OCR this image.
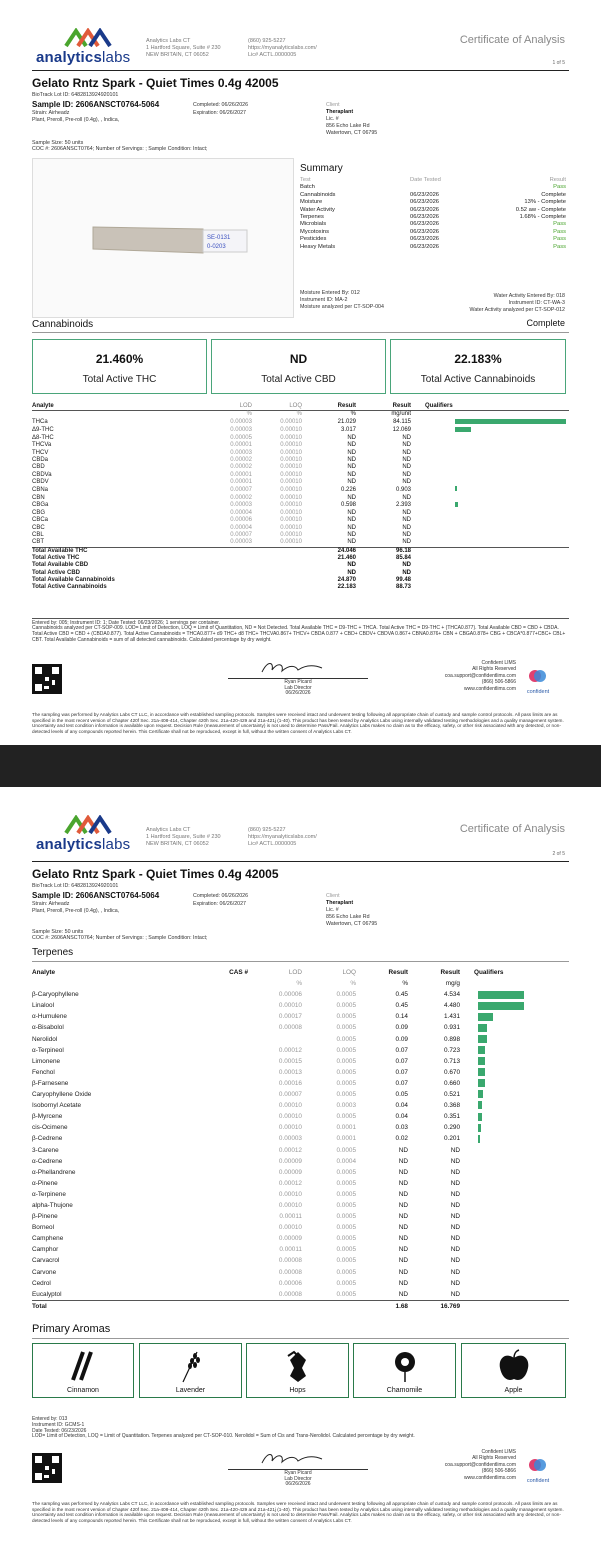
analyticslabs
Analytics Labs CT
1 Hartford Square, Suite # 230
NEW BRITAIN, CT 06052
(860) 925-5227
https://myanalyticslabs.com/
Lic# ACTL.0000005
Certificate of Analysis
1 of 5
Gelato Rntz Spark - Quiet Times 0.4g 42005
BioTrack Lot ID: 6482813924920101
Sample ID: 2606ANSCT0764-5064
Strain: Airheadz
Plant, Preroll, Pre-roll (0.4g), , Indica,
Completed: 06/26/2026
Expiration: 06/26/2027
Client
Theraplant
Lic. #
856 Echo Lake Rd
Watertown, CT 06795
Sample Size: 50 units
COC #: 2606ANSCT0764; Number of Servings: ; Sample Condition: Intact;
SE-0131
0-0203
Summary
Test	Date Tested	Result
Batch		Pass
Cannabinoids	06/23/2026	Complete
Moisture	06/23/2026	13% - Complete
Water Activity	06/23/2026	0.52 aw - Complete
Terpenes	06/23/2026	1.68% - Complete
Microbials	06/23/2026	Pass
Mycotoxins	06/23/2026	Pass
Pesticides	06/23/2026	Pass
Heavy Metals	06/23/2026	Pass
Moisture Entered By: 012
Instrument ID: MA-2
Moisture analyzed per CT-SOP-004
Water Activity Entered By: 018
Instrument ID: CT-WA-3
Water Activity analyzed per CT-SOP-012
Cannabinoids	Complete
21.460%
Total Active THC
ND
Total Active CBD
22.183%
Total Active Cannabinoids
Analyte	LOD	LOQ	Result	Result	Qualifiers
	%	%	%	mg/unit	
THCa	0.00003	0.00010	21.029	84.115	
Δ9-THC	0.00003	0.00010	3.017	12.069	
Δ8-THC	0.00005	0.00010	ND	ND	
THCVa	0.00001	0.00010	ND	ND	
THCV	0.00003	0.00010	ND	ND	
CBDa	0.00002	0.00010	ND	ND	
CBD	0.00002	0.00010	ND	ND	
CBDVa	0.00001	0.00010	ND	ND	
CBDV	0.00001	0.00010	ND	ND	
CBNa	0.00007	0.00010	0.226	0.903	
CBN	0.00002	0.00010	ND	ND	
CBGa	0.00003	0.00010	0.598	2.393	
CBG	0.00004	0.00010	ND	ND	
CBCa	0.00006	0.00010	ND	ND	
CBC	0.00004	0.00010	ND	ND	
CBL	0.00007	0.00010	ND	ND	
CBT	0.00003	0.00010	ND	ND	
Total Available THC			24.046	96.18	
Total Active THC			21.460	85.84	
Total Available CBD			ND	ND	
Total Active CBD			ND	ND	
Total Available Cannabinoids			24.870	99.48	
Total Active Cannabinoids			22.183	88.73	
Entered by: 005; Instrument ID: 1; Date Tested: 06/23/2026; 1 servings per container.
Cannabinoids analyzed per CT-SOP-009. LOD= Limit of Detection, LOQ = Limit of Quantitation, ND = Not Detected. Total Available THC = D9-THC + THCA. Total Active THC = D9-THC + (THCA0.877). Total Available CBD = CBD + CBDA. Total Active CBD = CBD + (CBDA0.877). Total Active Cannabinoids = THCA0.877+ d9 THC+ d8 THC+ THCVA0.867+ THCV+ CBDA 0.877 + CBD+ CBDV+ CBDVA 0.867+ CBNA0.876+ CBN + CBGA0.878+ CBG + CBCA*0.877+CBC+ CBL+ CBT. Total Available Cannabinoids = sum of all detected cannabinoids. Calculated percentage by dry weight.
Ryan Picard
Lab Director
06/26/2026
Confident LIMS
All Rights Reserved
coa.support@confidentlims.com
(866) 506-5866
www.confidentlims.com
confident
The sampling was performed by Analytics Labs CT LLC, in accordance with established sampling protocols. Samples were received intact and underwent testing following all appropriate chain of custody and sample control protocols. All pass limits are as specified in the most recent version of Chapter 420f Sec. 21a-408-414, Chapter 420h Sec. 21a-420-429 and 21a-421j (1-40). This product has been tested by Analytics Labs using internally validated testing methodologies and a quality management system. Uncertainty and test condition information is available upon request. Decision Rule (measurement of uncertainty) is not used to determine Pass/Fail. Analytics Labs makes no claim as to the efficacy, safety, or other risk associated with any detected, or non-detected levels of any compounds reported herein. This Certificate shall not be reproduced, except in full, without the written consent of Analytics Labs CT.
analyticslabs
Analytics Labs CT
1 Hartford Square, Suite # 230
NEW BRITAIN, CT 06052
(860) 925-5227
https://myanalyticslabs.com/
Lic# ACTL.0000005
Certificate of Analysis
2 of 5
Gelato Rntz Spark - Quiet Times 0.4g 42005
BioTrack Lot ID: 6482813924920101
Sample ID: 2606ANSCT0764-5064
Strain: Airheadz
Plant, Preroll, Pre-roll (0.4g), , Indica,
Completed: 06/26/2026
Expiration: 06/26/2027
Client
Theraplant
Lic. #
856 Echo Lake Rd
Watertown, CT 06795
Sample Size: 50 units
COC #: 2606ANSCT0764; Number of Servings: ; Sample Condition: Intact;
Terpenes
Analyte	CAS #	LOD	LOQ	Result	Result	Qualifiers
		%	%	%	mg/g	
β-Caryophyllene		0.00006	0.0005	0.45	4.534	
Linalool		0.00010	0.0005	0.45	4.480	
α-Humulene		0.00017	0.0005	0.14	1.431	
α-Bisabolol		0.00008	0.0005	0.09	0.931	
Nerolidol			0.0005	0.09	0.898	
α-Terpineol		0.00012	0.0005	0.07	0.723	
Limonene		0.00015	0.0005	0.07	0.713	
Fenchol		0.00013	0.0005	0.07	0.670	
β-Farnesene		0.00016	0.0005	0.07	0.660	
Caryophyllene Oxide		0.00007	0.0005	0.05	0.521	
Isobornyl Acetate		0.00010	0.0003	0.04	0.368	
β-Myrcene		0.00010	0.0005	0.04	0.351	
cis-Ocimene		0.00010	0.0001	0.03	0.290	
β-Cedrene		0.00003	0.0001	0.02	0.201	
3-Carene		0.00012	0.0005	ND	ND	
α-Cedrene		0.00009	0.0004	ND	ND	
α-Phellandrene		0.00009	0.0005	ND	ND	
α-Pinene		0.00012	0.0005	ND	ND	
α-Terpinene		0.00010	0.0005	ND	ND	
alpha-Thujone		0.00010	0.0005	ND	ND	
β-Pinene		0.00011	0.0005	ND	ND	
Borneol		0.00010	0.0005	ND	ND	
Camphene		0.00009	0.0005	ND	ND	
Camphor		0.00011	0.0005	ND	ND	
Carvacrol		0.00008	0.0005	ND	ND	
Carvone		0.00008	0.0005	ND	ND	
Cedrol		0.00006	0.0005	ND	ND	
Eucalyptol		0.00008	0.0005	ND	ND	
Total				1.68	16.769	
Primary Aromas
Cinnamon	Lavender	Hops	Chamomile	Apple
Entered by: 013
Instrument ID: GCMS-1
Date Tested: 06/23/2026
LOD= Limit of Detection, LOQ = Limit of Quantitation. Terpenes analyzed per CT-SOP-010. Nerolidol = Sum of Cis and Trans-Nerolidol. Calculated percentage by dry weight.
Ryan Picard
Lab Director
06/26/2026
Confident LIMS
All Rights Reserved
coa.support@confidentlims.com
(866) 506-5866
www.confidentlims.com
confident
The sampling was performed by Analytics Labs CT LLC, in accordance with established sampling protocols. Samples were received intact and underwent testing following all appropriate chain of custody and sample control protocols. All pass limits are as specified in the most recent version of Chapter 420f Sec. 21a-408-414, Chapter 420h Sec. 21a-420-429 and 21a-421j (1-40). This product has been tested by Analytics Labs using internally validated testing methodologies and a quality management system. Uncertainty and test condition information is available upon request. Decision Rule (measurement of uncertainty) is not used to determine Pass/Fail. Analytics Labs makes no claim as to the efficacy, safety, or other risk associated with any detected, or non-detected levels of any compounds reported herein. This Certificate shall not be reproduced, except in full, without the written consent of Analytics Labs CT.
